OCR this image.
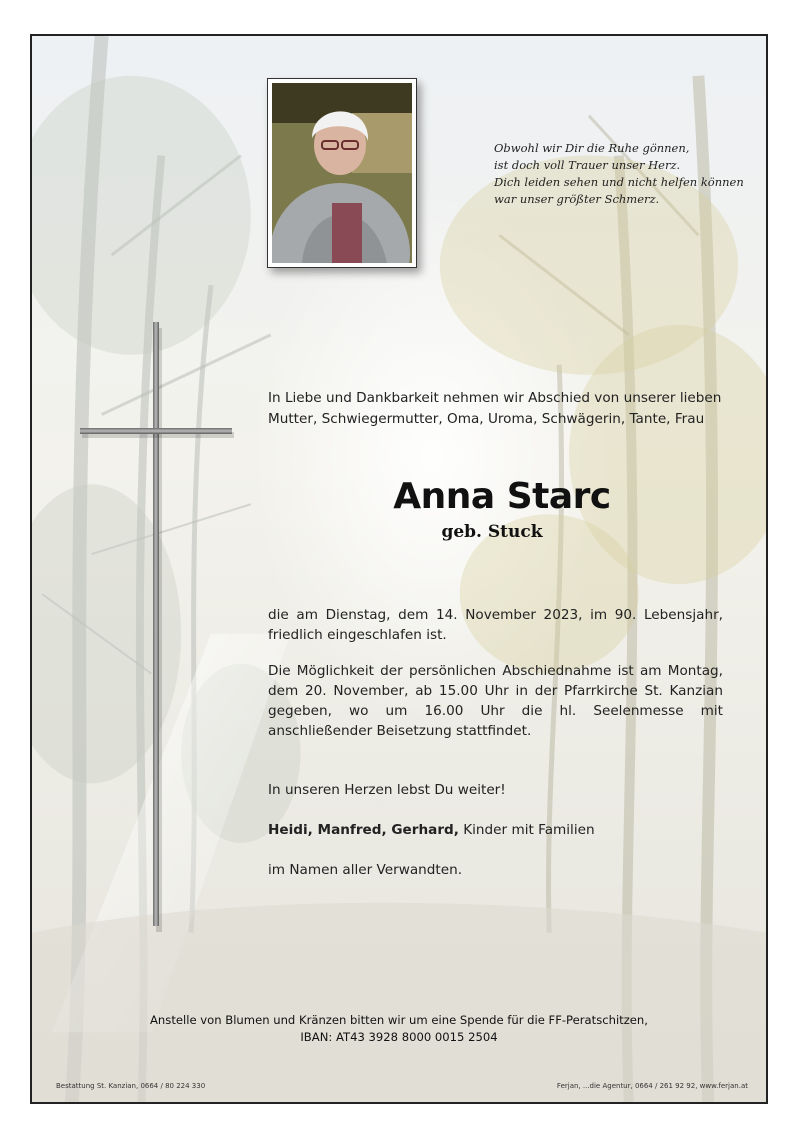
Obwohl wir Dir die Ruhe gönnen,
ist doch voll Trauer unser Herz.
Dich leiden sehen und nicht helfen können
war unser größter Schmerz.
In Liebe und Dankbarkeit nehmen wir Abschied von unserer lieben
Mutter, Schwiegermutter, Oma, Uroma, Schwägerin, Tante, Frau
Anna Starc
geb. Stuck
die am Dienstag, dem 14. November 2023, im 90. Lebensjahr, friedlich eingeschlafen ist.
Die Möglichkeit der persönlichen Abschiednahme ist am Montag, dem 20. November, ab 15.00 Uhr in der Pfarrkirche St. Kanzian gegeben, wo um 16.00 Uhr die hl. Seelenmesse mit anschließender Beisetzung stattfindet.
In unseren Herzen lebst Du weiter!
Heidi, Manfred, Gerhard, Kinder mit Familien
im Namen aller Verwandten.
Anstelle von Blumen und Kränzen bitten wir um eine Spende für die FF-Peratschitzen,
IBAN: AT43 3928 8000 0015 2504
Bestattung St. Kanzian, 0664 / 80 224 330	Ferjan, ...die Agentur, 0664 / 261 92 92, www.ferjan.at
